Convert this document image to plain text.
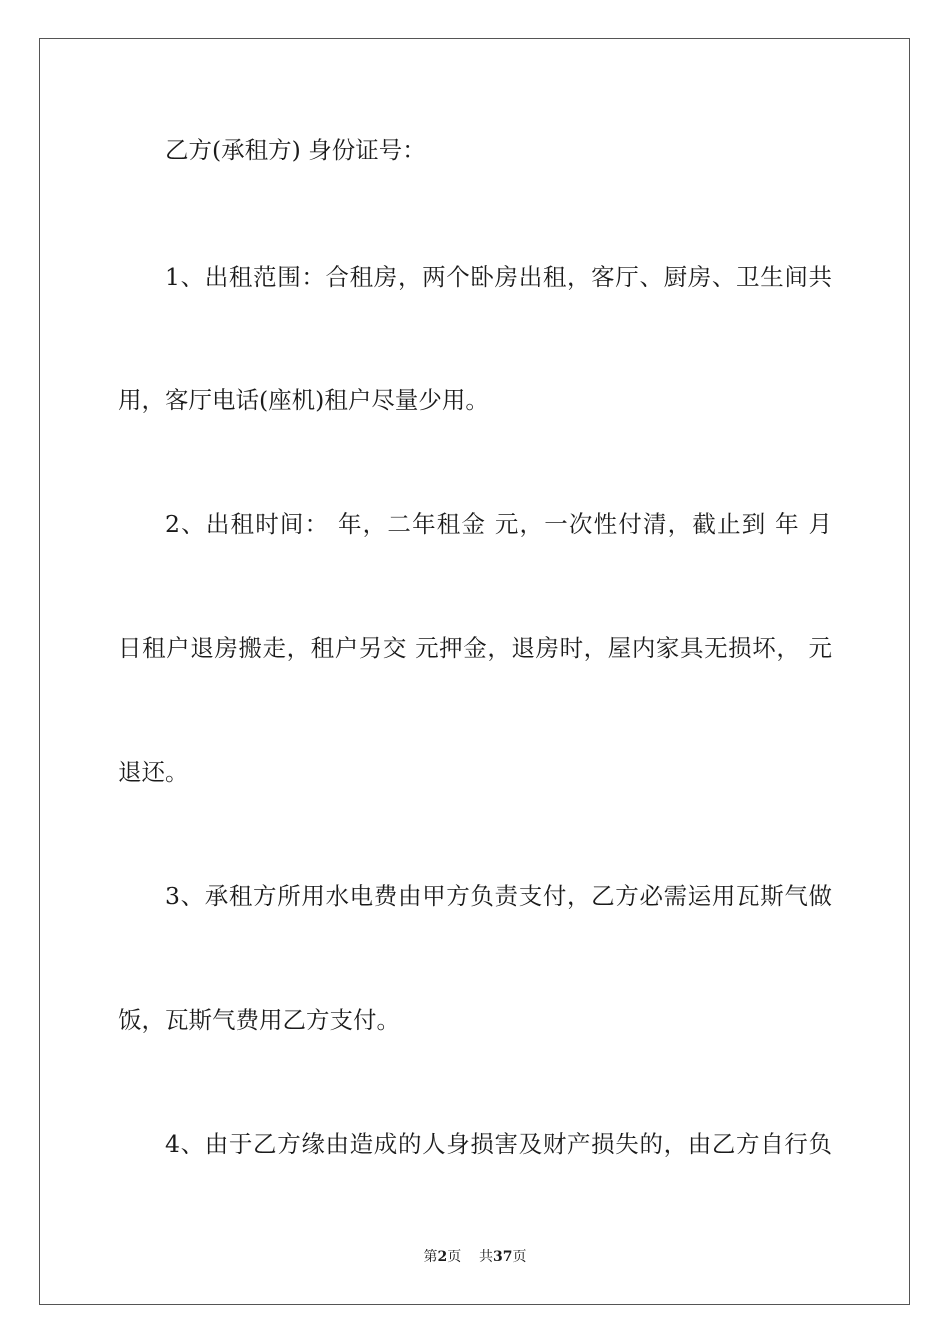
乙方(承租方) 身份证号：
1、出租范围：合租房，两个卧房出租，客厅、厨房、卫生间共
用，客厅电话(座机)租户尽量少用。
2、出租时间： 年，二年租金 元，一次性付清，截止到 年 月
日租户退房搬走，租户另交 元押金，退房时，屋内家具无损坏， 元
退还。
3、承租方所用水电费由甲方负责支付，乙方必需运用瓦斯气做
饭，瓦斯气费用乙方支付。
4、由于乙方缘由造成的人身损害及财产损失的，由乙方自行负
第2页 共37页
